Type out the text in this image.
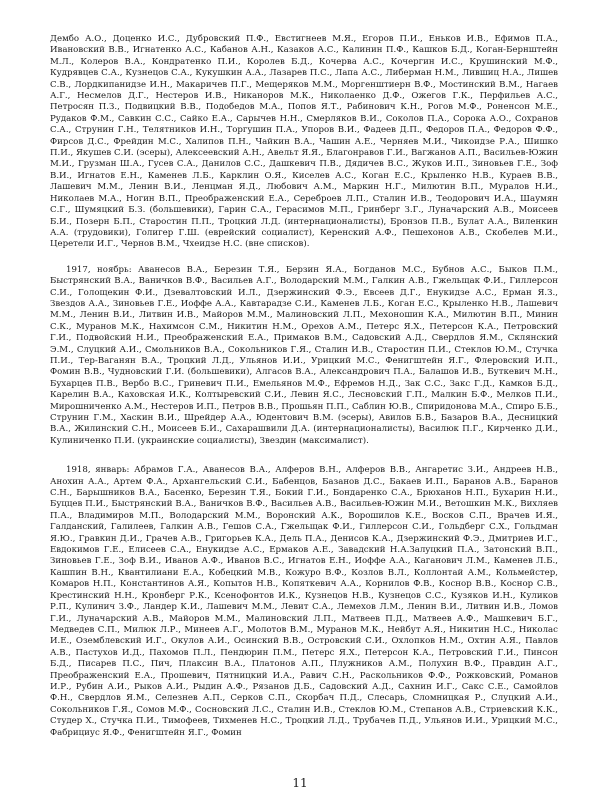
Дембо А.О., Доценко И.С., Дубровский П.Ф., Евстигнеев М.Я., Егоров П.И., Еньков И.В., Ефимов П.А., Ивановский В.В., Игнатенко А.С., Кабанов А.Н., Казаков А.С., Калинин П.Ф., Кашков Б.Д., Коган-Бернштейн М.Л., Колеров В.А., Кондратенко П.И., Королев Б.Д., Кочерва А.С., Кочергин И.С., Крушинский М.Ф., Кудрявцев С.А., Кузнецов С.А., Кукушкин А.А., Лазарев П.С., Лапа А.С., Либерман Н.М., Лившиц Н.А., Лишев С.В., Лордкипанидзе И.Н., Макаричев П.Г., Мещеряков М.М., Моргенштиерн В.Ф., Мостинский В.М., Нагаев А.Г., Несмелов Д.Г., Нестеров И.В., Никаноров М.К., Николаенко Д.Ф., Ожегов Г.К., Перфильев А.С., Петросян П.З., Подвицкий В.В., Подобедов М.А., Попов Я.Т., Рабинович К.Н., Рогов М.Ф., Роненсон М.Е., Рудаков Ф.М., Савкин С.С., Сайко Е.А., Сарычев Н.Н., Смерляков В.И., Соколов П.А., Сорока А.О., Сохранов С.А., Струнин Г.Н., Телятников И.Н., Торгушин П.А., Упоров В.И., Фадеев Д.П., Федоров П.А., Федоров Ф.Ф., Фирсов Д.С., Фрейдин М.С., Халипов П.Н., Чайкин В.А., Чашин А.Е., Черняев М.И., Чикоидзе Р.А., Шишко П.И., Якушев С.И. (эсеры), Алексеевский А.Н., Авельт Я.Я., Благонравов Г.И., Вагжанов А.П., Васильев-Южин М.И., Грузман Ш.А., Гусев С.А., Данилов С.С., Дашкевич П.В., Дядичев В.С., Жуков И.П., Зиновьев Г.Е., Зоф В.И., Игнатов Е.Н., Каменев Л.Б., Карклин О.Я., Киселев А.С., Коган Е.С., Крыленко Н.В., Кураев В.В., Лашевич М.М., Ленин В.И., Ленцман Я.Д., Любович А.М., Маркин Н.Г., Милютин В.П., Муралов Н.И., Николаев М.А., Ногин В.П., Преображенский Е.А., Сереброев Л.П., Сталин И.В., Теодорович И.А., Шаумян С.Г., Шумяцкий Б.З. (большевики), Гарин С.А., Герасимов М.П., Гринберг З.Г., Луначарский А.В., Моисеев Б.И., Позерн Б.П., Старостин П.П., Троцкий Л.Д. (интернационалисты), Бронзов П.В., Булат А.А., Виленкин А.А. (трудовики), Голигер Г.Ш. (еврейский социалист), Керенский А.Ф., Пешехонов А.В., Скобелев М.И., Церетели И.Г., Чернов В.М., Чхеидзе Н.С. (вне списков).

1917, ноябрь: Аванесов В.А., Березин Т.Я., Берзин Я.А., Богданов М.С., Бубнов А.С., Быков П.М., Быстрянский В.А., Ваничков В.Ф., Васильев А.Г., Володарский М.М., Галкин А.В., Гжельщак Ф.И., Гиллерсон С.И., Голощекин Ф.И., Дзевалтовский И.Л., Дзержинский Ф.Э., Евсеев Д.Г., Енукидзе А.С., Ерман Я.З., Звездов А.А., Зиновьев Г.Е., Иоффе А.А., Кавтарадзе С.И., Каменев Л.Б., Коган Е.С., Крыленко Н.В., Лашевич М.М., Ленин В.И., Литвин И.В., Майоров М.М., Малиновский Л.П., Мехоношин К.А., Милютин В.П., Минин С.К., Муранов М.К., Нахимсон С.М., Никитин Н.М., Орехов А.М., Петерс Я.Х., Петерсон К.А., Петровский Г.И., Подвойский Н.И., Преображенский Е.А., Примаков В.М., Садовский А.Д., Свердлов Я.М., Склянский Э.М., Слуцкий А.И., Смольников В.А., Сокольников Г.Я., Сталин И.В., Старостин П.И., Стеклов Ю.М., Стучка П.И., Тер-Ваганян В.А., Троцкий Л.Д., Ульянов И.И., Урицкий М.С., Фенигштейн Я.Г., Флеровский И.П., Фомин В.В., Чудновский Г.И. (большевики), Алгасов В.А., Александрович П.А., Балашов И.В., Буткевич М.Н., Бухарцев П.В., Вербо В.С., Гриневич П.И., Емельянов М.Ф., Ефремов Н.Д., Зак С.С., Закс Г.Д., Камков Б.Д., Карелин В.А., Каховская И.К., Колтыревский С.И., Левин Я.С., Лесновский Г.П., Малкин Б.Ф., Мелков П.И., Мирошниченко А.М., Нестеров И.П., Петров В.В., Прошьян П.П., Саблин Ю.В., Спиридонова М.А., Спиро Б.Б., Струнин Г.М., Хаскин В.И., Шрейдер А.А., Юдентович В.М. (эсеры), Авилов Б.В., Базаров В.А., Десницкий В.А., Жилинский С.Н., Моисеев Б.И., Сахарашвили Д.А. (интернационалисты), Василюк П.Г., Кирченко Д.И., Кулиниченко П.И. (украинские социалисты), Звездин (максималист).

1918, январь: Абрамов Г.А., Аванесов В.А., Алферов В.Н., Алферов В.В., Ангаретис З.И., Андреев Н.В., Анохин А.А., Артем Ф.А., Архангельский С.И., Бабенцов, Базанов Д.С., Бакаев И.П., Баранов А.В., Баранов С.Н., Барышников В.А., Басенко, Березин Т.Я., Бокий Г.И., Бондаренко С.А., Брюханов Н.П., Бухарин Н.И., Буццев П.И., Быстрянский В.А., Ваничков В.Ф., Васильев А.В., Васильев-Южин М.И., Ветошкин М.К., Вихляев П.А., Владимиров М.П., Володарский М.М., Воронский А.К., Ворошилов К.Е., Восков С.П., Врачев И.Я., Галданский, Галилеев, Галкин А.В., Гешов С.А., Гжельщак Ф.И., Гиллерсон С.И., Гольдберг С.Х., Гольдман Я.Ю., Гравкин Д.И., Грачев А.В., Григорьев К.А., Дель П.А., Денисов К.А., Дзержинский Ф.Э., Дмитриев И.Г., Евдокимов Г.Е., Елисеев С.А., Енукидзе А.С., Ермаков А.Е., Завадский Н.А.Залуцкий П.А., Затонский В.П., Зиновьев Г.Е., Зоф В.И., Иванов А.Ф., Иванов В.С., Игнатов Е.Н., Иоффе А.А., Каганович Л.М., Каменев Л.Б., Кашпин В.Н., Квантилиани Е.А., Кобецкий М.В., Кожуро В.Ф., Козлов В.Л., Коллонтай А.М., Кольмейстер, Комаров Н.П., Константинов А.Я., Копытов Н.В., Копяткевич А.А., Корнилов Ф.В., Коснор В.В., Коснор С.В., Крестинский Н.Н., Кронберг Р.К., Ксенофонтов И.К., Кузнецов Н.В., Кузнецов С.С., Кузяков И.Н., Куликов Р.П., Кулинич З.Ф., Ландер К.И., Лашевич М.М., Левит С.А., Лемехов Л.М., Ленин В.И., Литвин И.В., Ломов Г.И., Луначарский А.В., Майоров М.М., Малиновский Л.П., Матвеев П.Д., Матвеев А.Ф., Машкевич Б.Г., Медведев С.П., Милюк Л.Р., Минеев А.Г., Молотов В.М., Муранов М.К., Нейбут А.Я., Никитин Н.С., Николас И.Е., Оземблевский И.Г., Окулов А.И., Осинский В.В., Островский С.И., Охлопков Н.М., Охтин А.Я., Павлов А.В., Пастухов И.Д., Пахомов П.Л., Пендюрин П.М., Петерс Я.Х., Петерсон К.А., Петровский Г.И., Пинсон Б.Д., Писарев П.С., Пич, Плаксин В.А., Платонов А.П., Плужников А.М., Полухин В.Ф., Правдин А.Г., Преображенский Е.А., Прошевич, Пятницкий И.А., Равич С.Н., Раскольников Ф.Ф., Рожковский, Романов И.Р., Рубин А.И., Рыков А.И., Рыдин А.Ф., Рязанов Д.Б., Садовский А.Д., Сахнин И.Г., Сакс С.Е., Самойлов Ф.Н., Свердлов Я.М., Селезнев А.П., Серков С.П., Скорбач П.Д., Слесарь, Сломницкая Р., Слуцкий А.И., Сокольников Г.Я., Сомов М.Ф., Сосновский Л.С., Сталин И.В., Стеклов Ю.М., Степанов А.В., Стриевский К.К., Студер Х., Стучка П.И., Тимофеев, Тихменев Н.С., Троцкий Л.Д., Трубачев П.Д., Ульянов И.И., Урицкий М.С., Фабрициус Я.Ф., Фенигштейн Я.Г., Фомин

11
